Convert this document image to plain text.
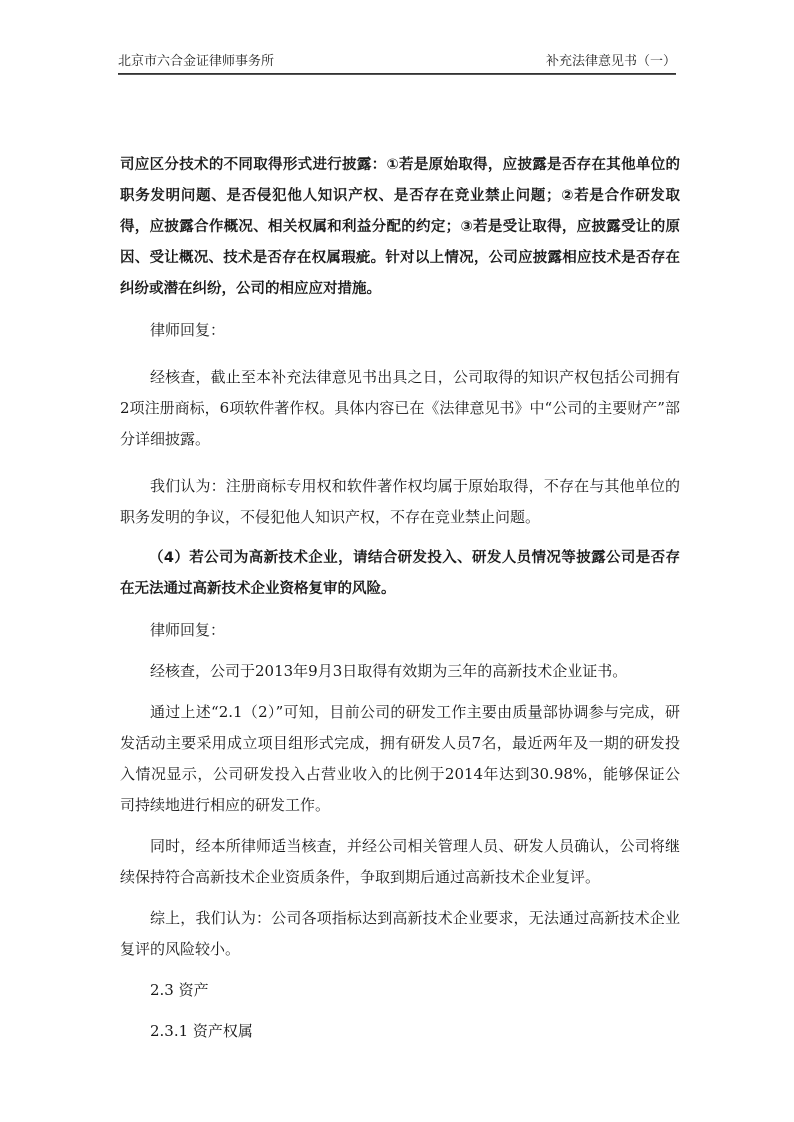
北京市六合金证律师事务所	补充法律意见书（一）

司应区分技术的不同取得形式进行披露：①若是原始取得，应披露是否存在其他单位的职务发明问题、是否侵犯他人知识产权、是否存在竞业禁止问题；②若是合作研发取得，应披露合作概况、相关权属和利益分配的约定；③若是受让取得，应披露受让的原因、受让概况、技术是否存在权属瑕疵。针对以上情况，公司应披露相应技术是否存在纠纷或潜在纠纷，公司的相应应对措施。

律师回复：

经核查，截止至本补充法律意见书出具之日，公司取得的知识产权包括公司拥有2项注册商标，6项软件著作权。具体内容已在《法律意见书》中“公司的主要财产”部分详细披露。

我们认为：注册商标专用权和软件著作权均属于原始取得，不存在与其他单位的职务发明的争议，不侵犯他人知识产权，不存在竞业禁止问题。

（4）若公司为高新技术企业，请结合研发投入、研发人员情况等披露公司是否存在无法通过高新技术企业资格复审的风险。

律师回复：

经核查，公司于2013年9月3日取得有效期为三年的高新技术企业证书。

通过上述“2.1（2）”可知，目前公司的研发工作主要由质量部协调参与完成，研发活动主要采用成立项目组形式完成，拥有研发人员7名，最近两年及一期的研发投入情况显示，公司研发投入占营业收入的比例于2014年达到30.98%，能够保证公司持续地进行相应的研发工作。

同时，经本所律师适当核查，并经公司相关管理人员、研发人员确认，公司将继续保持符合高新技术企业资质条件，争取到期后通过高新技术企业复评。

综上，我们认为：公司各项指标达到高新技术企业要求，无法通过高新技术企业复评的风险较小。

2.3 资产

2.3.1 资产权属
